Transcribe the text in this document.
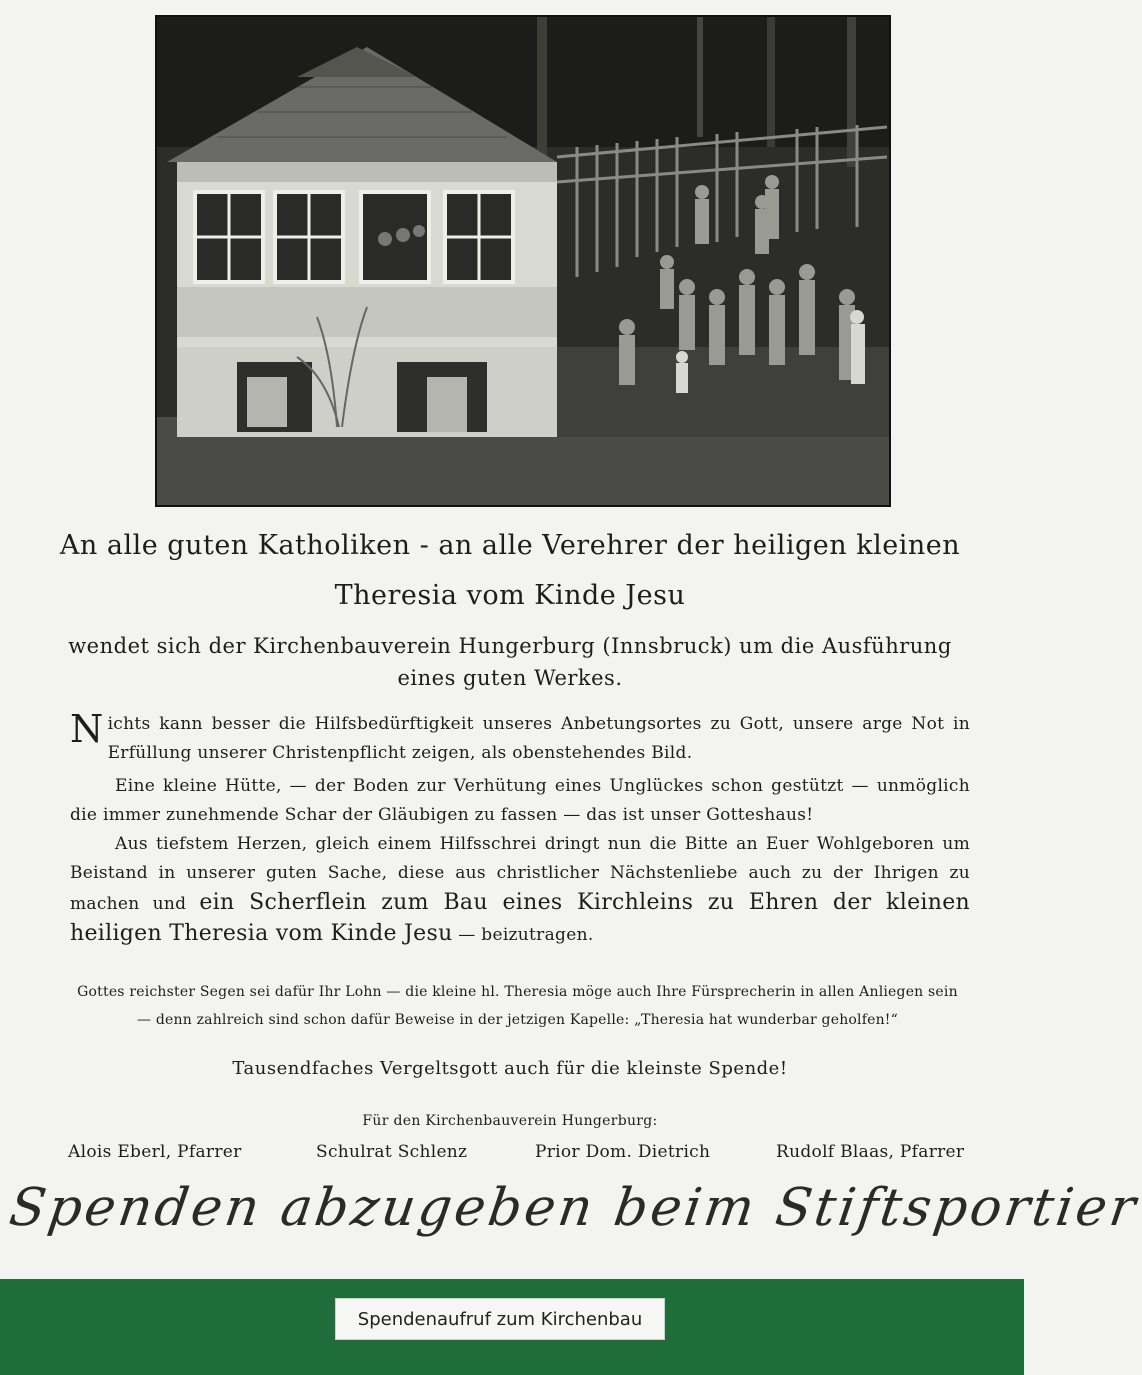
An alle guten Katholiken - an alle Verehrer der heiligen kleinen
Theresia vom Kinde Jesu
wendet sich der Kirchenbauverein Hungerburg (Innsbruck) um die Ausführung
eines guten Werkes.
Nichts kann besser die Hilfsbedürftigkeit unseres Anbetungsortes zu Gott, unsere arge Not in Erfüllung unserer Christenpflicht zeigen, als obenstehendes Bild.
Eine kleine Hütte, — der Boden zur Verhütung eines Unglückes schon gestützt — unmöglich die immer zunehmende Schar der Gläubigen zu fassen — das ist unser Gotteshaus!
Aus tiefstem Herzen, gleich einem Hilfsschrei dringt nun die Bitte an Euer Wohlgeboren um Beistand in unserer guten Sache, diese aus christlicher Nächstenliebe auch zu der Ihrigen zu machen und ein Scherflein zum Bau eines Kirchleins zu Ehren der kleinen heiligen Theresia vom Kinde Jesu — beizutragen.
Gottes reichster Segen sei dafür Ihr Lohn — die kleine hl. Theresia möge auch Ihre Fürsprecherin in allen Anliegen sein
— denn zahlreich sind schon dafür Beweise in der jetzigen Kapelle: „Theresia hat wunderbar geholfen!“
Tausendfaches Vergeltsgott auch für die kleinste Spende!
Für den Kirchenbauverein Hungerburg:
Alois Eberl, Pfarrer	Schulrat Schlenz	Prior Dom. Dietrich	Rudolf Blaas, Pfarrer
Spenden abzugeben beim Stiftsportier
Spendenaufruf zum Kirchenbau
